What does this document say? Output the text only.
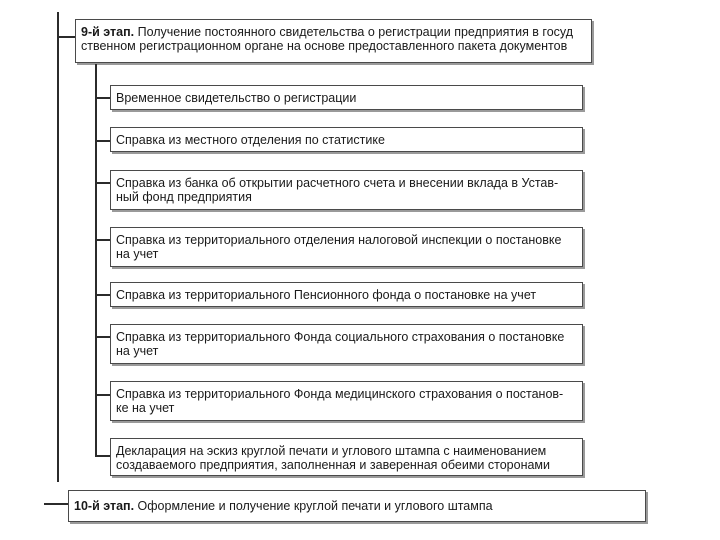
9-й этап. Получение постоянного свидетельства о регистрации предприятия в госуд
ственном регистрационном органе на основе предоставленного пакета документов
Временное свидетельство о регистрации
Справка из местного отделения по статистике
Справка из банка об открытии расчетного счета и внесении вклада в Устав-
ный фонд предприятия
Справка из территориального отделения налоговой инспекции о постановке
на учет
Справка из территориального Пенсионного фонда о постановке на учет
Справка из территориального Фонда социального страхования о постановке
на учет
Справка из территориального Фонда медицинского страхования о постанов-
ке на учет
Декларация на эскиз круглой печати и углового штампа с наименованием
создаваемого предприятия, заполненная и заверенная обеими сторонами
10-й этап. Оформление и получение круглой печати и углового штампа
